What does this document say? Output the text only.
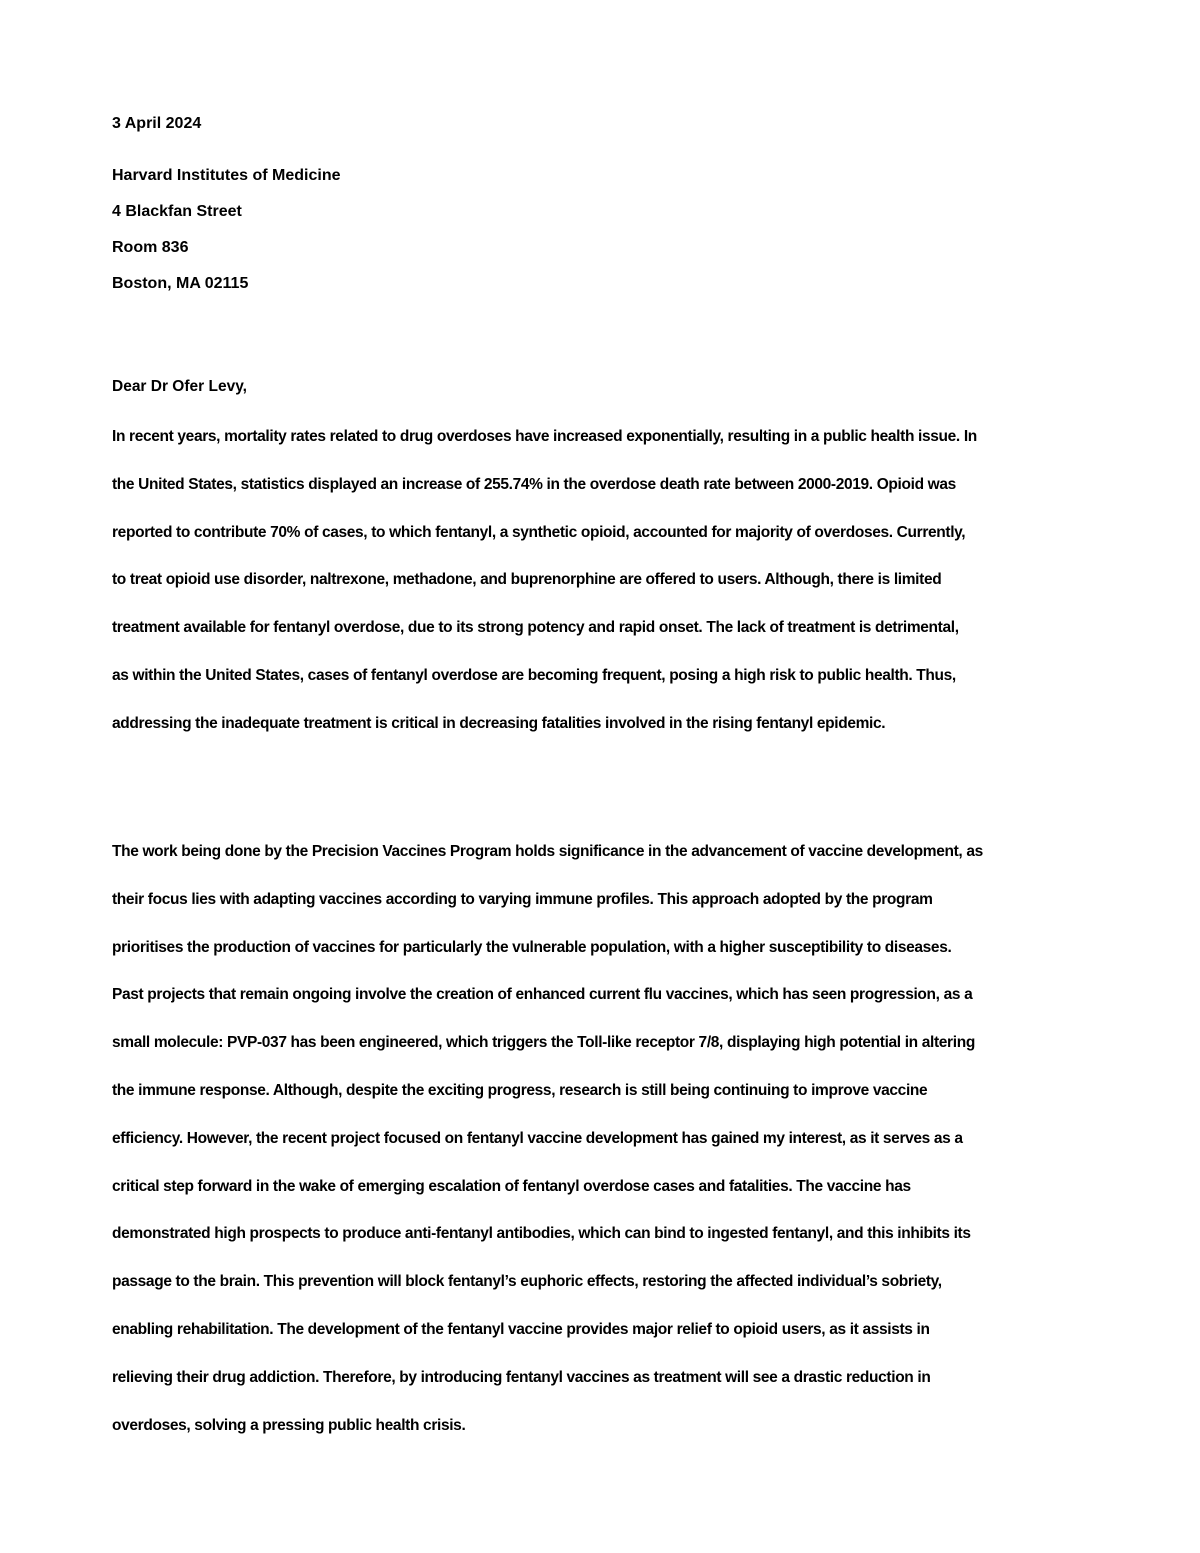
3 April 2024
Harvard Institutes of Medicine
4 Blackfan Street
Room 836
Boston, MA 02115
Dear Dr Ofer Levy,
In recent years, mortality rates related to drug overdoses have increased exponentially, resulting in a public health issue. In
the United States, statistics displayed an increase of 255.74% in the overdose death rate between 2000-2019. Opioid was
reported to contribute 70% of cases, to which fentanyl, a synthetic opioid, accounted for majority of overdoses. Currently,
to treat opioid use disorder, naltrexone, methadone, and buprenorphine are offered to users. Although, there is limited
treatment available for fentanyl overdose, due to its strong potency and rapid onset. The lack of treatment is detrimental,
as within the United States, cases of fentanyl overdose are becoming frequent, posing a high risk to public health. Thus,
addressing the inadequate treatment is critical in decreasing fatalities involved in the rising fentanyl epidemic.
The work being done by the Precision Vaccines Program holds significance in the advancement of vaccine development, as
their focus lies with adapting vaccines according to varying immune profiles. This approach adopted by the program
prioritises the production of vaccines for particularly the vulnerable population, with a higher susceptibility to diseases.
Past projects that remain ongoing involve the creation of enhanced current flu vaccines, which has seen progression, as a
small molecule: PVP-037 has been engineered, which triggers the Toll-like receptor 7/8, displaying high potential in altering
the immune response. Although, despite the exciting progress, research is still being continuing to improve vaccine
efficiency. However, the recent project focused on fentanyl vaccine development has gained my interest, as it serves as a
critical step forward in the wake of emerging escalation of fentanyl overdose cases and fatalities. The vaccine has
demonstrated high prospects to produce anti-fentanyl antibodies, which can bind to ingested fentanyl, and this inhibits its
passage to the brain. This prevention will block fentanyl’s euphoric effects, restoring the affected individual’s sobriety,
enabling rehabilitation. The development of the fentanyl vaccine provides major relief to opioid users, as it assists in
relieving their drug addiction. Therefore, by introducing fentanyl vaccines as treatment will see a drastic reduction in
overdoses, solving a pressing public health crisis.
